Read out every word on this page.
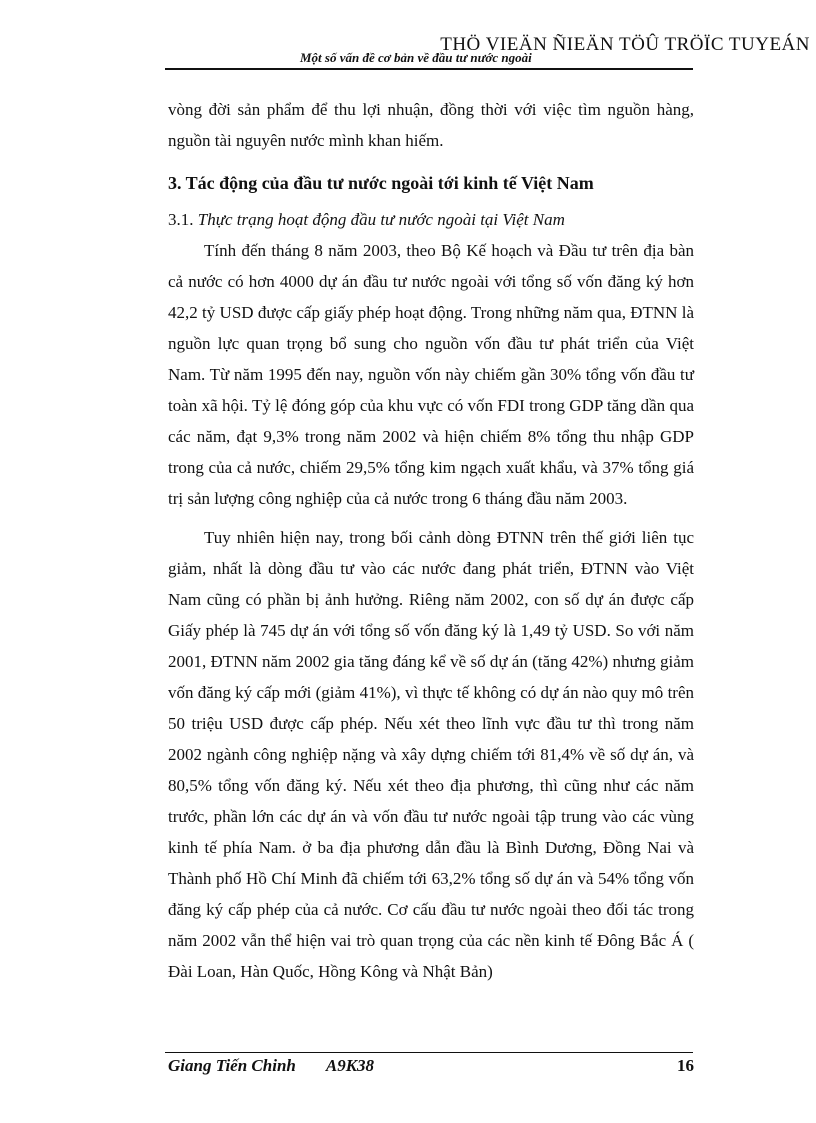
THÖ VIEÄN ÑIEÄN TÖÛ TRÖÏC TUYEÁN
Một số vấn đề cơ bản về đầu tư nước ngoài

vòng đời sản phẩm để thu lợi nhuận, đồng thời với việc tìm nguồn hàng, nguồn tài nguyên nước mình khan hiếm.

3. Tác động của đầu tư nước ngoài tới kinh tế Việt Nam

3.1. Thực trạng hoạt động đầu tư nước ngoài tại Việt Nam

Tính đến tháng 8 năm 2003, theo Bộ Kế hoạch và Đầu tư trên địa bàn cả nước có hơn 4000 dự án đầu tư nước ngoài với tổng số vốn đăng ký hơn 42,2 tỷ USD được cấp giấy phép hoạt động. Trong những năm qua, ĐTNN là nguồn lực quan trọng bổ sung cho nguồn vốn đầu tư phát triển của Việt Nam. Từ năm 1995 đến nay, nguồn vốn này chiếm gần 30% tổng vốn đầu tư toàn xã hội. Tỷ lệ đóng góp của khu vực có vốn FDI trong GDP tăng dần qua các năm, đạt 9,3% trong năm 2002 và hiện chiếm 8% tổng thu nhập GDP trong của cả nước, chiếm 29,5% tổng kim ngạch xuất khẩu, và 37% tổng giá trị sản lượng công nghiệp của cả nước trong 6 tháng đầu năm 2003.

Tuy nhiên hiện nay, trong bối cảnh dòng ĐTNN trên thế giới liên tục giảm, nhất là dòng đầu tư vào các nước đang phát triển, ĐTNN vào Việt Nam cũng có phần bị ảnh hưởng. Riêng năm 2002, con số dự án được cấp Giấy phép là 745 dự án với tổng số vốn đăng ký là 1,49 tỷ USD. So với năm 2001, ĐTNN năm 2002 gia tăng đáng kể về số dự án (tăng 42%) nhưng giảm vốn đăng ký cấp mới (giảm 41%), vì thực tế không có dự án nào quy mô trên 50 triệu USD được cấp phép. Nếu xét theo lĩnh vực đầu tư thì trong năm 2002 ngành công nghiệp nặng và xây dựng chiếm tới 81,4% về số dự án, và 80,5% tổng vốn đăng ký. Nếu xét theo địa phương, thì cũng như các năm trước, phần lớn các dự án và vốn đầu tư nước ngoài tập trung vào các vùng kinh tế phía Nam. ở ba địa phương dẫn đầu là Bình Dương, Đồng Nai và Thành phố Hồ Chí Minh đã chiếm tới 63,2% tổng số dự án và 54% tổng vốn đăng ký cấp phép của cả nước. Cơ cấu đầu tư nước ngoài theo đối tác trong năm 2002 vẫn thể hiện vai trò quan trọng của các nền kinh tế Đông Bắc Á ( Đài Loan, Hàn Quốc, Hồng Kông và Nhật Bản)

Giang Tiến Chinh A9K38	16
